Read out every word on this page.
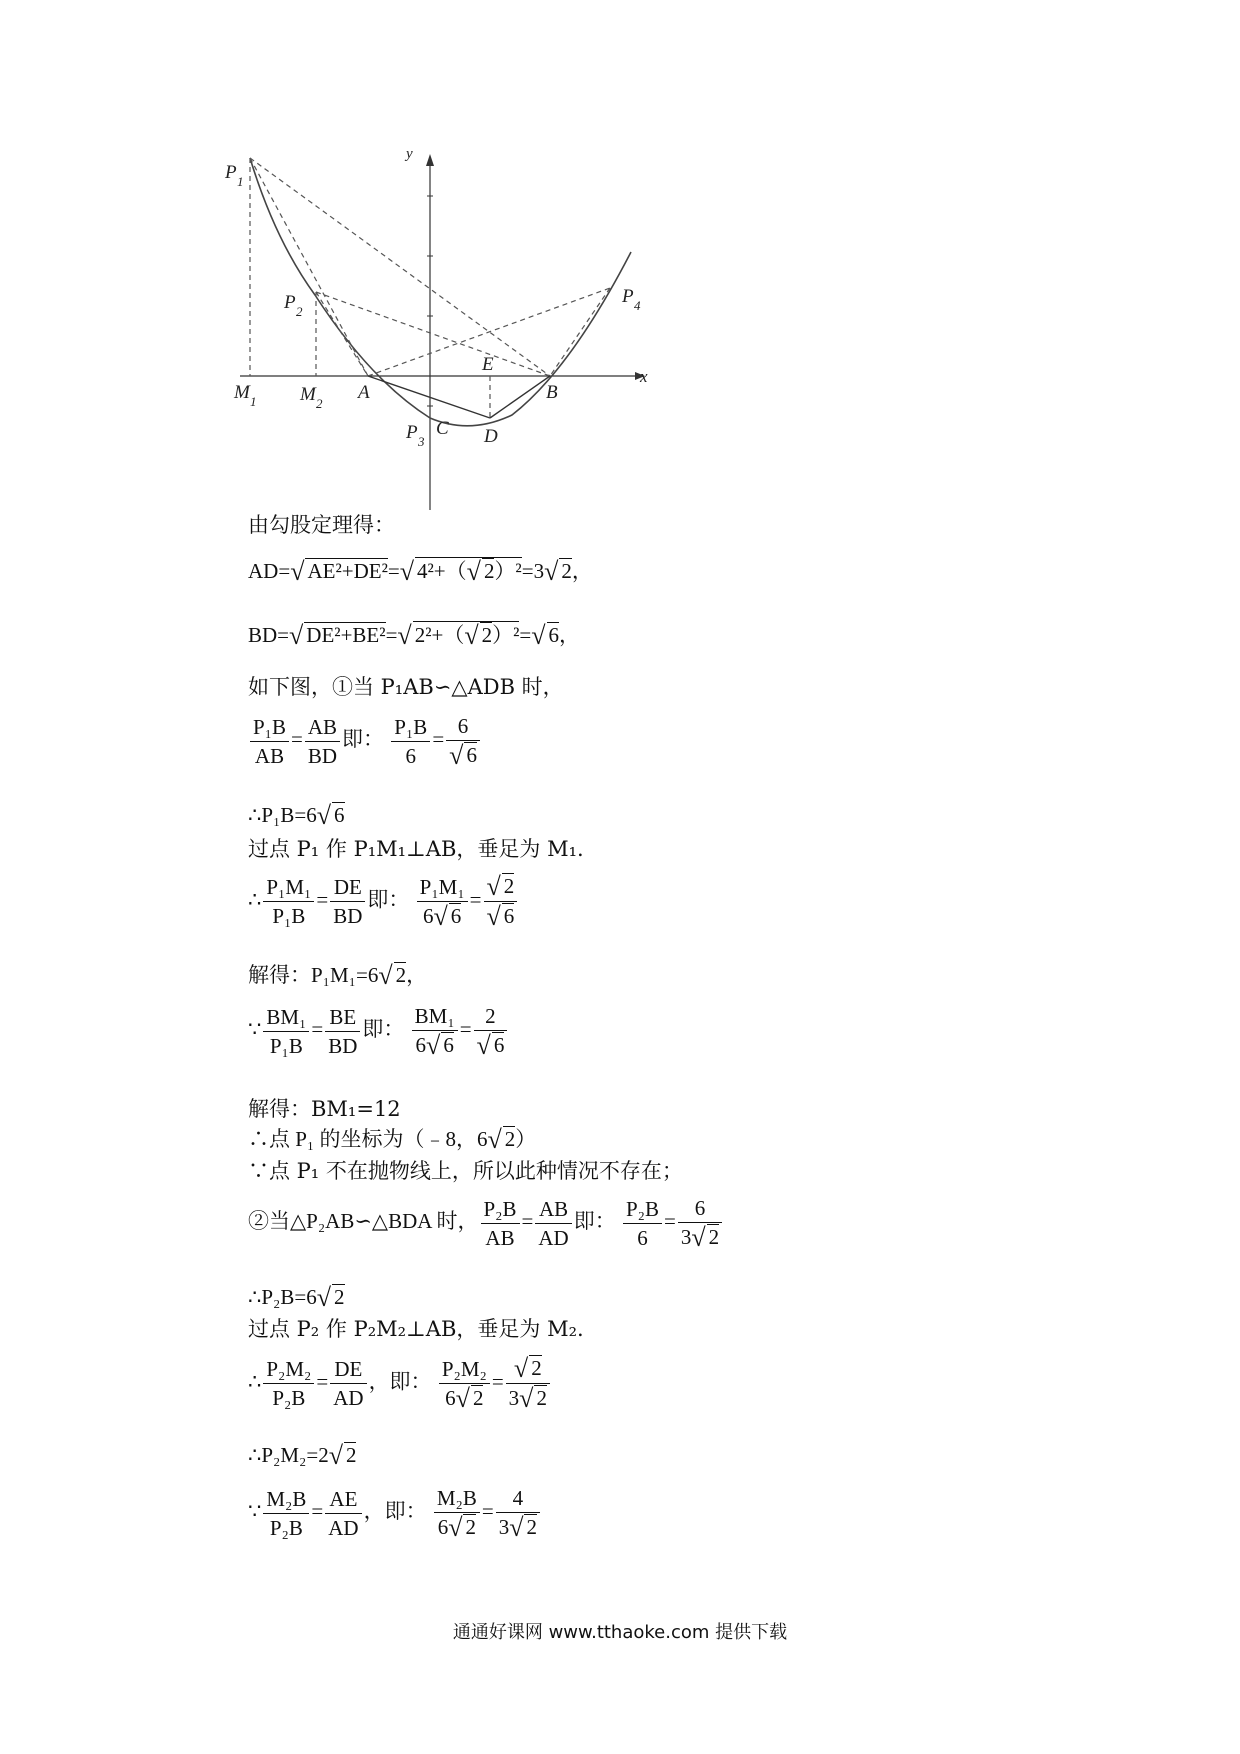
y
x
P 1
P 2
P 3
P 4
M 1 M 2
A	B
C D
E
由勾股定理得：
AD=√ AE²+DE²=√ 4²+（√ 2）²=3√ 2，
BD=√ DE²+BE²=√ 2²+（√ 2）²=√ 6，
如下图，①当 P₁AB∽△ADB 时，
$\frac{\text{P₁B}}{AB} = \frac{AB}{BD}$ 即： $\frac{\text{P₁B}}{6} = \frac{6}{√ 6}$
∴P₁B=6√ 6
过点 P₁ 作 P₁M₁⊥AB，垂足为 M₁.
∴ $\frac{\text{P₁M₁}}{\text{P₁B}} = \frac{DE}{BD}$ 即： $\frac{\text{P₁M₁}}{6√ 6} = \frac{√ 2}{√ 6}$
解得：P₁M₁=6√ 2，
∵ $\frac{\text{BM₁}}{\text{P₁B}} = \frac{BE}{BD}$ 即： $\frac{\text{BM₁}}{6√ 6} = \frac{2}{√ 6}$
解得：BM₁=12
∴点 P₁ 的坐标为（﹣8，6√ 2）
∵点 P₁ 不在抛物线上，所以此种情况不存在；
②当△P₂AB∽△BDA 时， $\frac{\text{P₂B}}{AB} = \frac{AB}{AD}$ 即： $\frac{\text{P₂B}}{6} = \frac{6}{3√ 2}$
∴P₂B=6√ 2
过点 P₂ 作 P₂M₂⊥AB，垂足为 M₂.
∴ $\frac{\text{P₂M₂}}{\text{P₂B}} = \frac{DE}{AD}$ ，即： $\frac{\text{P₂M₂}}{6√ 2} = \frac{√ 2}{3√ 2}$
∴P₂M₂=2√ 2
∵ $\frac{\text{M₂B}}{\text{P₂B}} = \frac{AE}{AD}$ ，即： $\frac{\text{M₂B}}{6√ 2} = \frac{4}{3√ 2}$
通通好课网 www.tthaoke.com 提供下载
